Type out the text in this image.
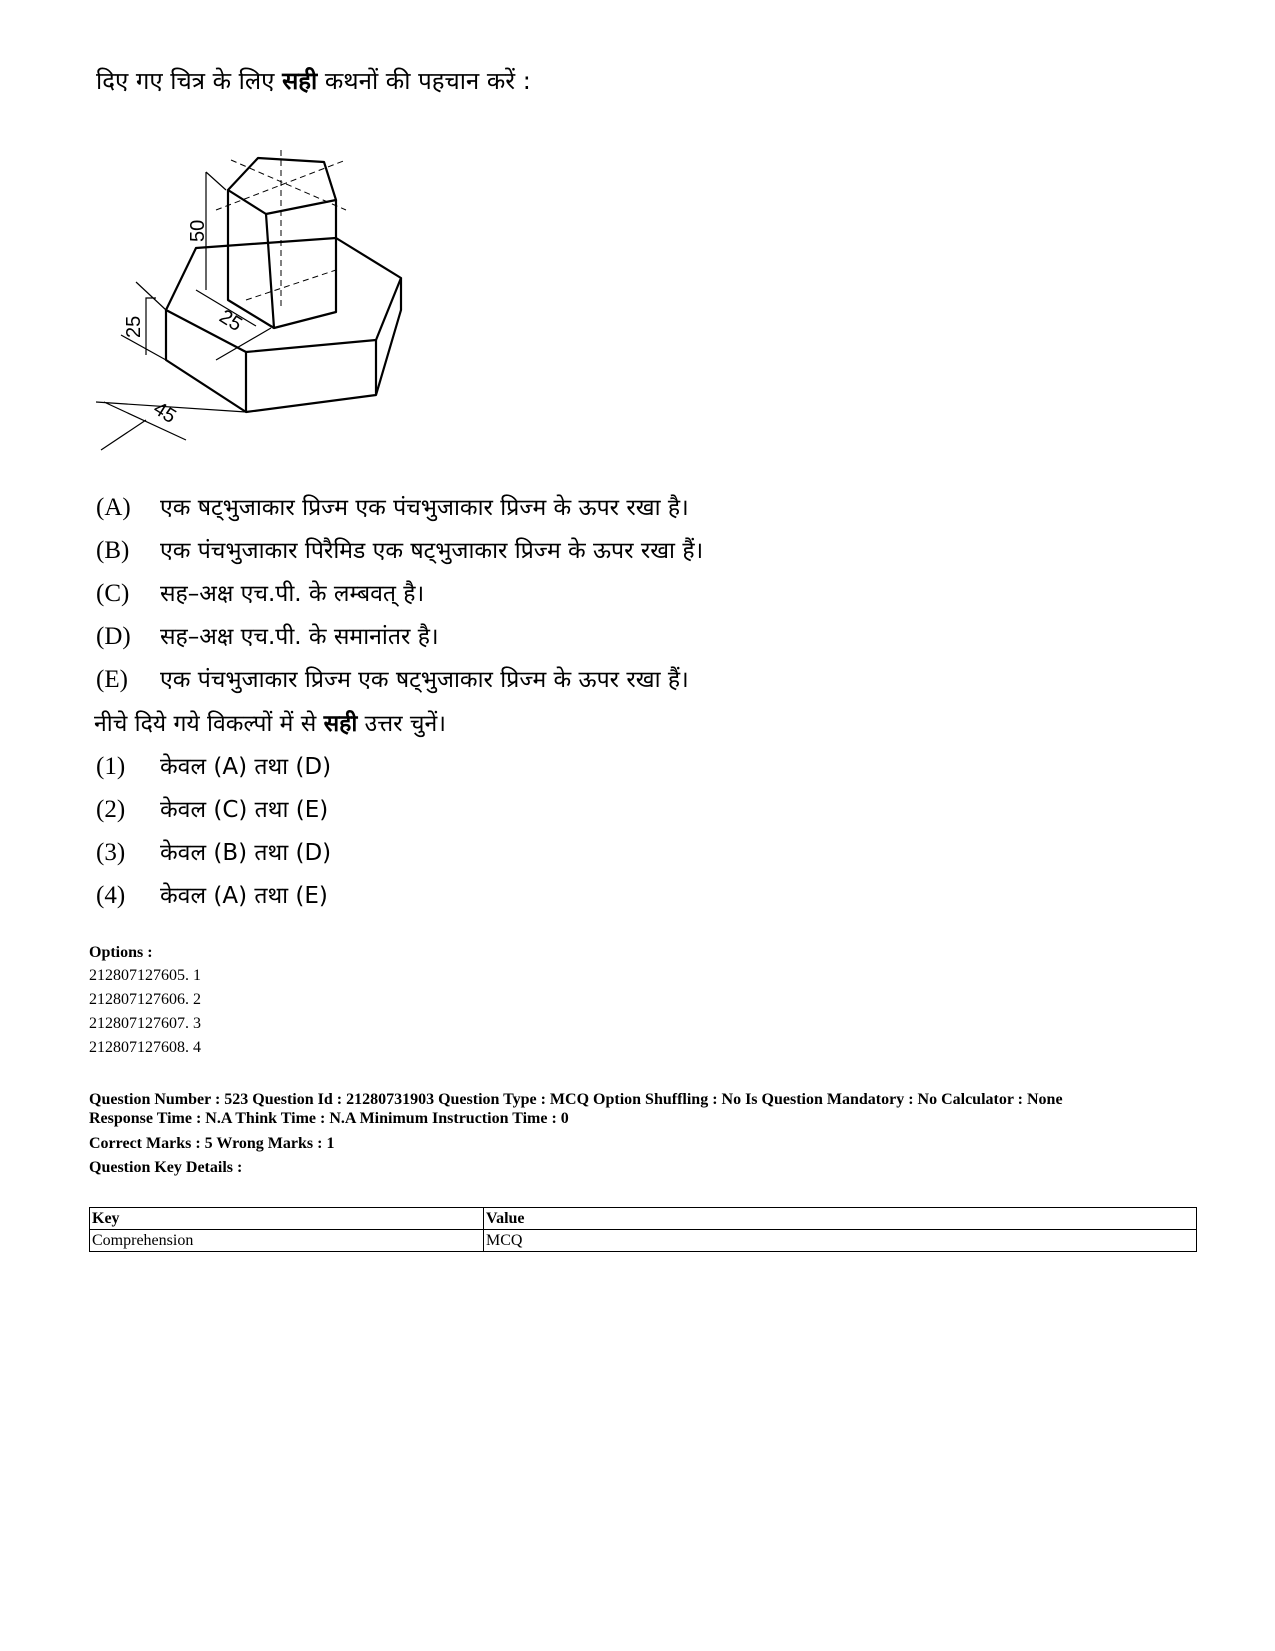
दिए गए चित्र के लिए सही कथनों की पहचान करें :
50
25
25
45
(A) एक षट्भुजाकार प्रिज्म एक पंचभुजाकार प्रिज्म के ऊपर रखा है।
(B) एक पंचभुजाकार पिरैमिड एक षट्भुजाकार प्रिज्म के ऊपर रखा हैं।
(C) सह–अक्ष एच.पी. के लम्बवत् है।
(D) सह–अक्ष एच.पी. के समानांतर है।
(E) एक पंचभुजाकार प्रिज्म एक षट्भुजाकार प्रिज्म के ऊपर रखा हैं।
नीचे दिये गये विकल्पों में से सही उत्तर चुनें।
(1) केवल (A) तथा (D)
(2) केवल (C) तथा (E)
(3) केवल (B) तथा (D)
(4) केवल (A) तथा (E)
Options :
212807127605. 1
212807127606. 2
212807127607. 3
212807127608. 4
Question Number : 523 Question Id : 21280731903 Question Type : MCQ Option Shuffling : No Is Question Mandatory : No Calculator : None
Response Time : N.A Think Time : N.A Minimum Instruction Time : 0
Correct Marks : 5 Wrong Marks : 1
Question Key Details :
Key	Value
Comprehension	MCQ
